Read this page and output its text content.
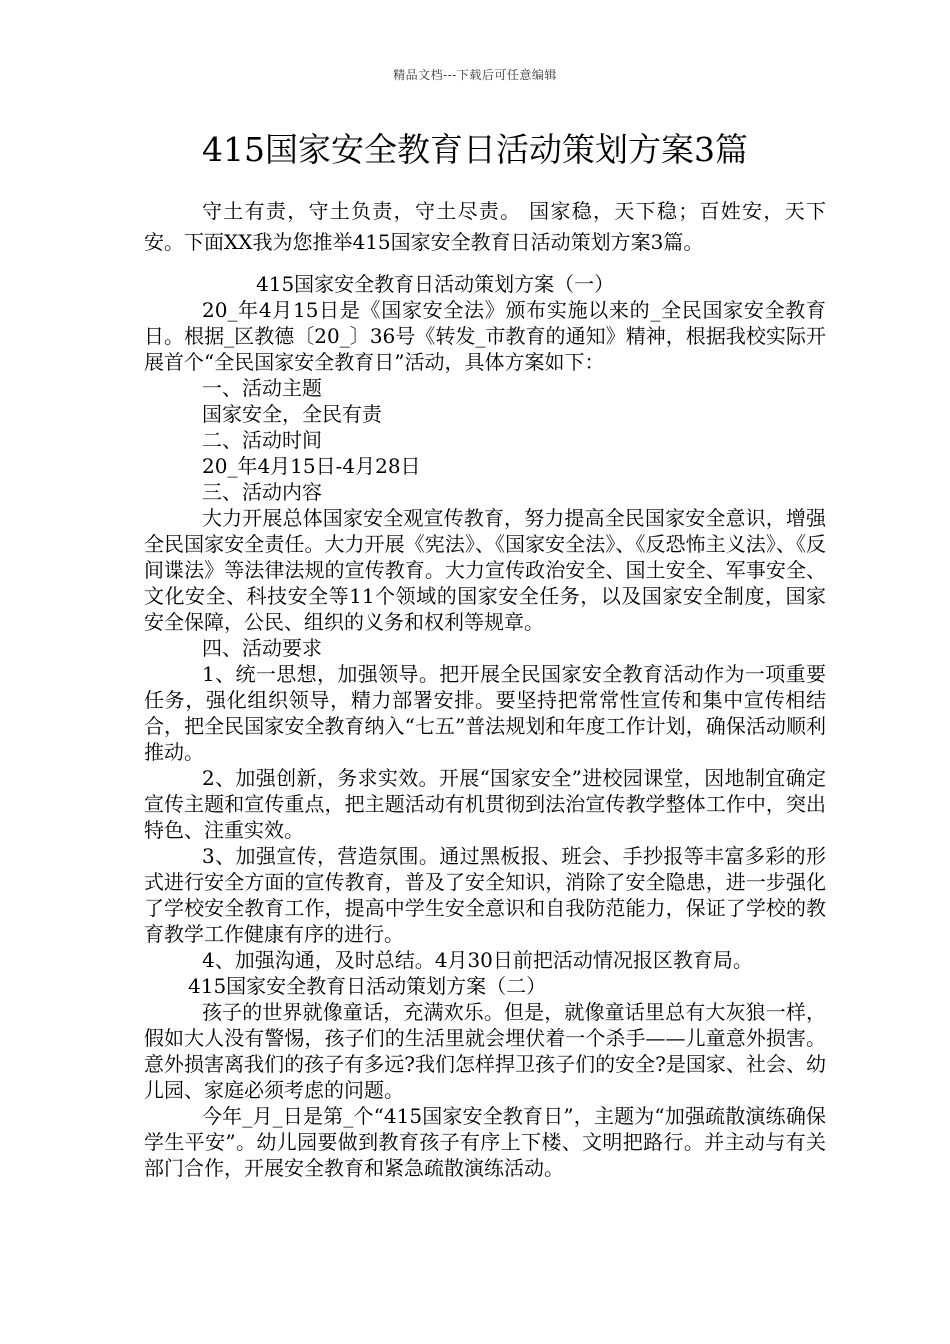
精品文档---下载后可任意编辑
415国家安全教育日活动策划方案3篇

守土有责，守土负责，守土尽责。 国家稳，天下稳；百姓安，天下安。下面XX我为您推举415国家安全教育日活动策划方案3篇。

415国家安全教育日活动策划方案（一）

20_年4月15日是《国家安全法》颁布实施以来的_全民国家安全教育日。根据_区教德〔20_〕36号《转发_市教育的通知》精神，根据我校实际开展首个“全民国家安全教育日”活动，具体方案如下：

一、活动主题

国家安全，全民有责

二、活动时间

20_年4月15日-4月28日

三、活动内容

大力开展总体国家安全观宣传教育，努力提高全民国家安全意识，增强全民国家安全责任。大力开展《宪法》、《国家安全法》、《反恐怖主义法》、《反间谍法》等法律法规的宣传教育。大力宣传政治安全、国土安全、军事安全、文化安全、科技安全等11个领域的国家安全任务，以及国家安全制度，国家安全保障，公民、组织的义务和权利等规章。

四、活动要求

1、统一思想，加强领导。把开展全民国家安全教育活动作为一项重要任务，强化组织领导，精力部署安排。要坚持把常常性宣传和集中宣传相结合，把全民国家安全教育纳入“七五”普法规划和年度工作计划，确保活动顺利推动。

2、加强创新，务求实效。开展“国家安全”进校园课堂，因地制宜确定宣传主题和宣传重点，把主题活动有机贯彻到法治宣传教学整体工作中，突出特色、注重实效。

3、加强宣传，营造氛围。通过黑板报、班会、手抄报等丰富多彩的形式进行安全方面的宣传教育，普及了安全知识，消除了安全隐患，进一步强化了学校安全教育工作，提高中学生安全意识和自我防范能力，保证了学校的教育教学工作健康有序的进行。

4、加强沟通，及时总结。4月30日前把活动情况报区教育局。

415国家安全教育日活动策划方案（二）

孩子的世界就像童话，充满欢乐。但是，就像童话里总有大灰狼一样，假如大人没有警惕，孩子们的生活里就会埋伏着一个杀手——儿童意外损害。意外损害离我们的孩子有多远?我们怎样捍卫孩子们的安全?是国家、社会、幼儿园、家庭必须考虑的问题。

今年_月_日是第_个“415国家安全教育日”，主题为“加强疏散演练确保学生平安”。幼儿园要做到教育孩子有序上下楼、文明把路行。并主动与有关部门合作，开展安全教育和紧急疏散演练活动。
